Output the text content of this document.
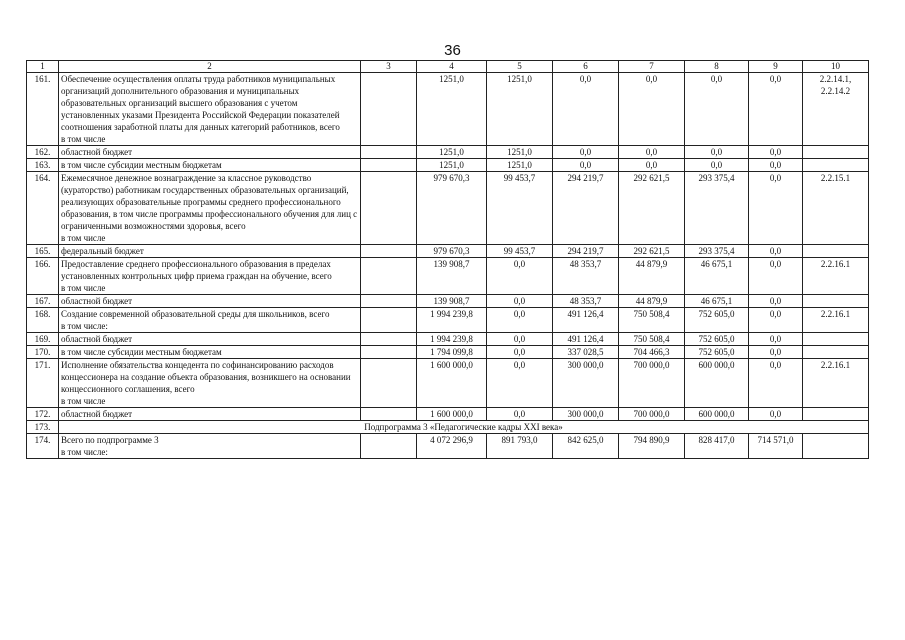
36
1	2	3	4	5	6	7	8	9	10
161.	Обеспечение осуществления оплаты труда работников муниципальных организаций дополнительного образования и муниципальных образовательных организаций высшего образования с учетом установленных указами Президента Российской Федерации показателей соотношения заработной платы для данных категорий работников, всего
в том числе		1251,0	1251,0	0,0	0,0	0,0	0,0	2.2.14.1, 2.2.14.2
162.	областной бюджет		1251,0	1251,0	0,0	0,0	0,0	0,0	
163.	в том числе субсидии местным бюджетам		1251,0	1251,0	0,0	0,0	0,0	0,0	
164.	Ежемесячное денежное вознаграждение за классное руководство (кураторство) работникам государственных образовательных организаций, реализующих образовательные программы среднего профессионального образования, в том числе программы профессионального обучения для лиц с ограниченными возможностями здоровья, всего
в том числе		979 670,3	99 453,7	294 219,7	292 621,5	293 375,4	0,0	2.2.15.1
165.	федеральный бюджет		979 670,3	99 453,7	294 219,7	292 621,5	293 375,4	0,0	
166.	Предоставление среднего профессионального образования в пределах установленных контрольных цифр приема граждан на обучение, всего
в том числе		139 908,7	0,0	48 353,7	44 879,9	46 675,1	0,0	2.2.16.1
167.	областной бюджет		139 908,7	0,0	48 353,7	44 879,9	46 675,1	0,0	
168.	Создание современной образовательной среды для школьников, всего
в том числе:		1 994 239,8	0,0	491 126,4	750 508,4	752 605,0	0,0	2.2.16.1
169.	областной бюджет		1 994 239,8	0,0	491 126,4	750 508,4	752 605,0	0,0	
170.	в том числе субсидии местным бюджетам		1 794 099,8	0,0	337 028,5	704 466,3	752 605,0	0,0	
171.	Исполнение обязательства концедента по софинансированию расходов концессионера на создание объекта образования, возникшего на основании концессионного соглашения, всего
в том числе		1 600 000,0	0,0	300 000,0	700 000,0	600 000,0	0,0	2.2.16.1
172.	областной бюджет		1 600 000,0	0,0	300 000,0	700 000,0	600 000,0	0,0	
173.	Подпрограмма 3 «Педагогические кадры XXI века»								
174.	Всего по подпрограмме 3
в том числе:		4 072 296,9	891 793,0	842 625,0	794 890,9	828 417,0	714 571,0	
